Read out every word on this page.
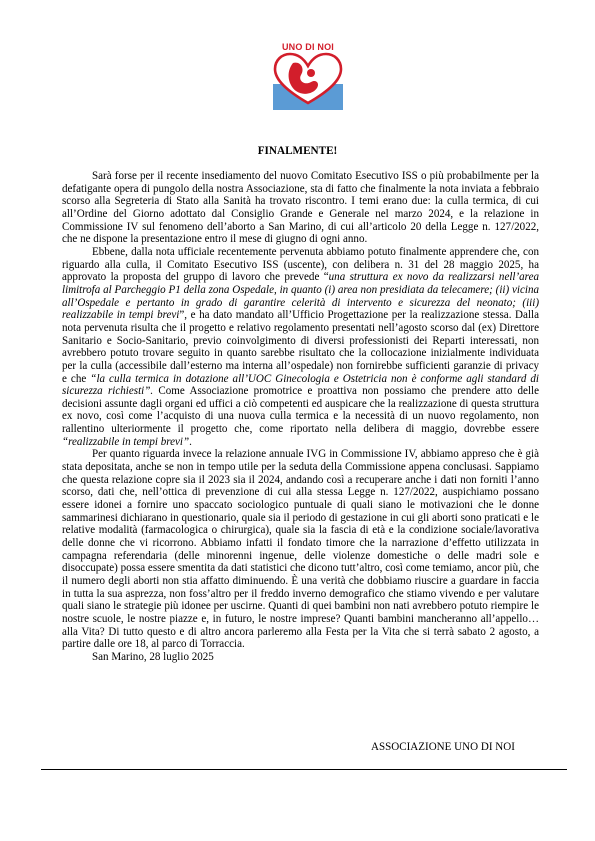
UNO DI NOI
FINALMENTE!

Sarà forse per il recente insediamento del nuovo Comitato Esecutivo ISS o più probabilmente per la defatigante opera di pungolo della nostra Associazione, sta di fatto che finalmente la nota inviata a febbraio scorso alla Segreteria di Stato alla Sanità ha trovato riscontro. I temi erano due: la culla termica, di cui all’Ordine del Giorno adottato dal Consiglio Grande e Generale nel marzo 2024, e la relazione in Commissione IV sul fenomeno dell’aborto a San Marino, di cui all’articolo 20 della Legge n. 127/2022, che ne dispone la presentazione entro il mese di giugno di ogni anno.

Ebbene, dalla nota ufficiale recentemente pervenuta abbiamo potuto finalmente apprendere che, con riguardo alla culla, il Comitato Esecutivo ISS (uscente), con delibera n. 31 del 28 maggio 2025, ha approvato la proposta del gruppo di lavoro che prevede “una struttura ex novo da realizzarsi nell’area limitrofa al Parcheggio P1 della zona Ospedale, in quanto (i) area non presidiata da telecamere; (ii) vicina all’Ospedale e pertanto in grado di garantire celerità di intervento e sicurezza del neonato; (iii) realizzabile in tempi brevi”, e ha dato mandato all’Ufficio Progettazione per la realizzazione stessa. Dalla nota pervenuta risulta che il progetto e relativo regolamento presentati nell’agosto scorso dal (ex) Direttore Sanitario e Socio-Sanitario, previo coinvolgimento di diversi professionisti dei Reparti interessati, non avrebbero potuto trovare seguito in quanto sarebbe risultato che la collocazione inizialmente individuata per la culla (accessibile dall’esterno ma interna all’ospedale) non fornirebbe sufficienti garanzie di privacy e che “la culla termica in dotazione all’UOC Ginecologia e Ostetricia non è conforme agli standard di sicurezza richiesti”. Come Associazione promotrice e proattiva non possiamo che prendere atto delle decisioni assunte dagli organi ed uffici a ciò competenti ed auspicare che la realizzazione di questa struttura ex novo, così come l’acquisto di una nuova culla termica e la necessità di un nuovo regolamento, non rallentino ulteriormente il progetto che, come riportato nella delibera di maggio, dovrebbe essere “realizzabile in tempi brevi”.

Per quanto riguarda invece la relazione annuale IVG in Commissione IV, abbiamo appreso che è già stata depositata, anche se non in tempo utile per la seduta della Commissione appena conclusasi. Sappiamo che questa relazione copre sia il 2023 sia il 2024, andando così a recuperare anche i dati non forniti l’anno scorso, dati che, nell’ottica di prevenzione di cui alla stessa Legge n. 127/2022, auspichiamo possano essere idonei a fornire uno spaccato sociologico puntuale di quali siano le motivazioni che le donne sammarinesi dichiarano in questionario, quale sia il periodo di gestazione in cui gli aborti sono praticati e le relative modalità (farmacologica o chirurgica), quale sia la fascia di età e la condizione sociale/lavorativa delle donne che vi ricorrono. Abbiamo infatti il fondato timore che la narrazione d’effetto utilizzata in campagna referendaria (delle minorenni ingenue, delle violenze domestiche o delle madri sole e disoccupate) possa essere smentita da dati statistici che dicono tutt’altro, così come temiamo, ancor più, che il numero degli aborti non stia affatto diminuendo. È una verità che dobbiamo riuscire a guardare in faccia in tutta la sua asprezza, non foss’altro per il freddo inverno demografico che stiamo vivendo e per valutare quali siano le strategie più idonee per uscirne. Quanti di quei bambini non nati avrebbero potuto riempire le nostre scuole, le nostre piazze e, in futuro, le nostre imprese? Quanti bambini mancheranno all’appello… alla Vita? Di tutto questo e di altro ancora parleremo alla Festa per la Vita che si terrà sabato 2 agosto, a partire dalle ore 18, al parco di Torraccia.

San Marino, 28 luglio 2025

ASSOCIAZIONE UNO DI NOI
